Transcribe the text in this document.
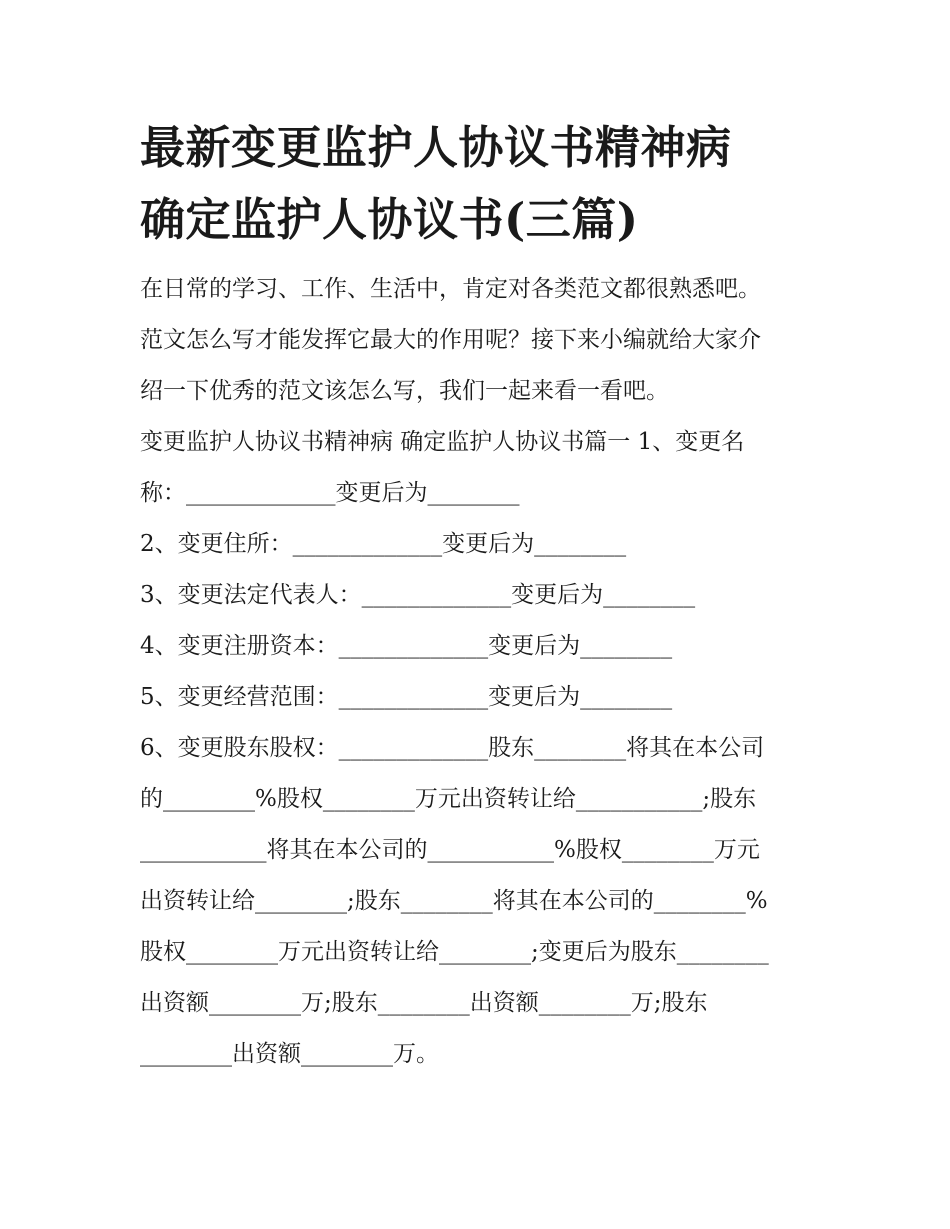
最新变更监护人协议书精神病
确定监护人协议书(三篇)

在日常的学习、工作、生活中，肯定对各类范文都很熟悉吧。
范文怎么写才能发挥它最大的作用呢？接下来小编就给大家介
绍一下优秀的范文该怎么写，我们一起来看一看吧。

变更监护人协议书精神病 确定监护人协议书篇一 1、变更名
称：_____________变更后为________
2、变更住所：_____________变更后为________
3、变更法定代表人：_____________变更后为________
4、变更注册资本：_____________变更后为________
5、变更经营范围：_____________变更后为________
6、变更股东股权：_____________股东________将其在本公司
的________%股权________万元出资转让给___________;股东
___________将其在本公司的___________%股权________万元
出资转让给________;股东________将其在本公司的________%
股权________万元出资转让给________;变更后为股东________
出资额________万;股东________出资额________万;股东
________出资额________万。
